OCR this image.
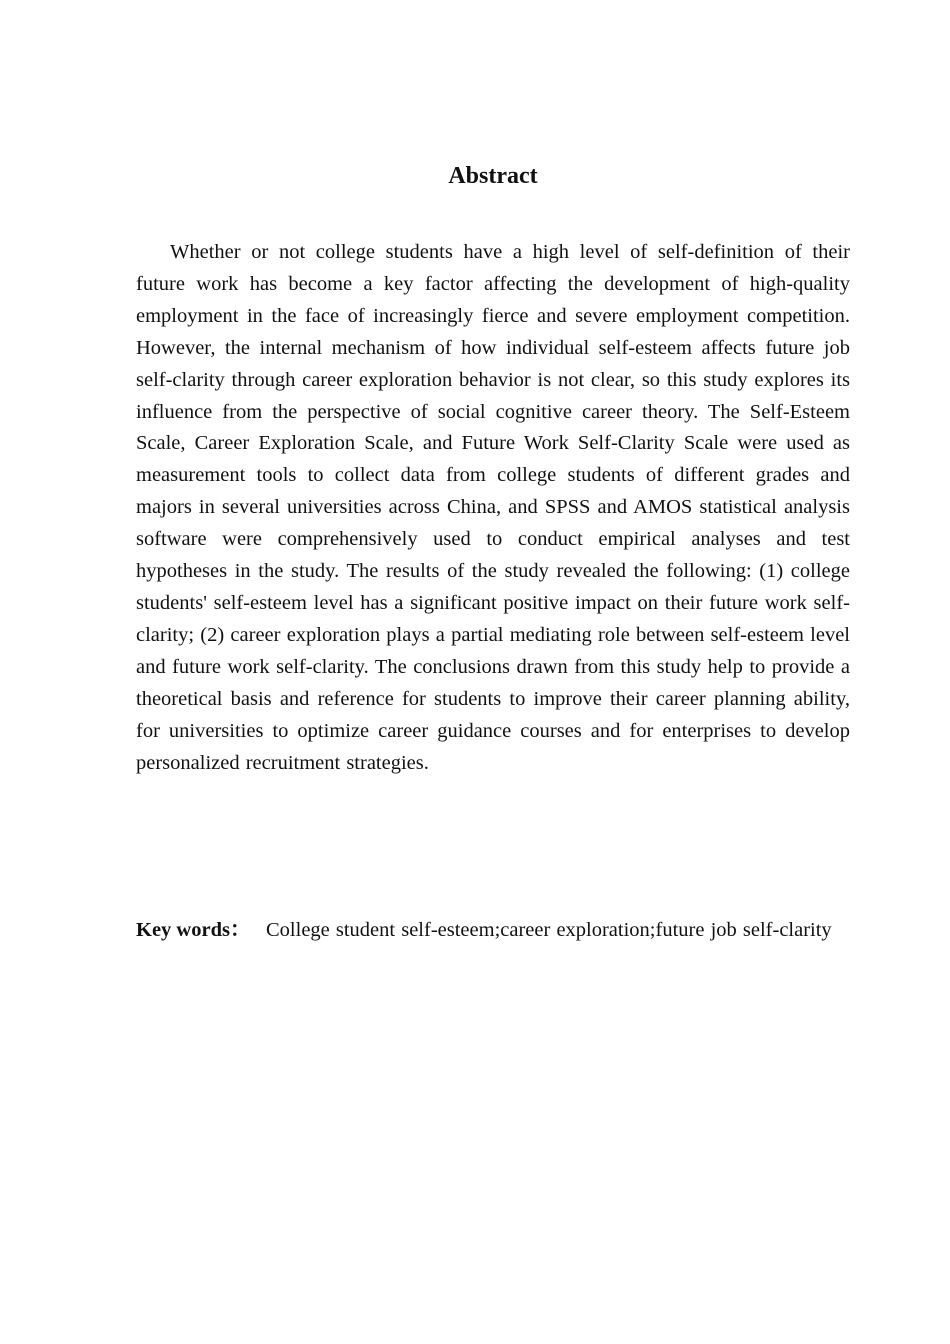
Abstract

Whether or not college students have a high level of self-definition of their future work has become a key factor affecting the development of high-quality employment in the face of increasingly fierce and severe employment competition. However, the internal mechanism of how individual self-esteem affects future job self-clarity through career exploration behavior is not clear, so this study explores its influence from the perspective of social cognitive career theory. The Self-Esteem Scale, Career Exploration Scale, and Future Work Self-Clarity Scale were used as measurement tools to collect data from college students of different grades and majors in several universities across China, and SPSS and AMOS statistical analysis software were comprehensively used to conduct empirical analyses and test hypotheses in the study. The results of the study revealed the following: (1) college students' self-esteem level has a significant positive impact on their future work self-clarity; (2) career exploration plays a partial mediating role between self-esteem level and future work self-clarity. The conclusions drawn from this study help to provide a theoretical basis and reference for students to improve their career planning ability, for universities to optimize career guidance courses and for enterprises to develop personalized recruitment strategies.

Key words： College student self-esteem;career exploration;future job self-clarity
